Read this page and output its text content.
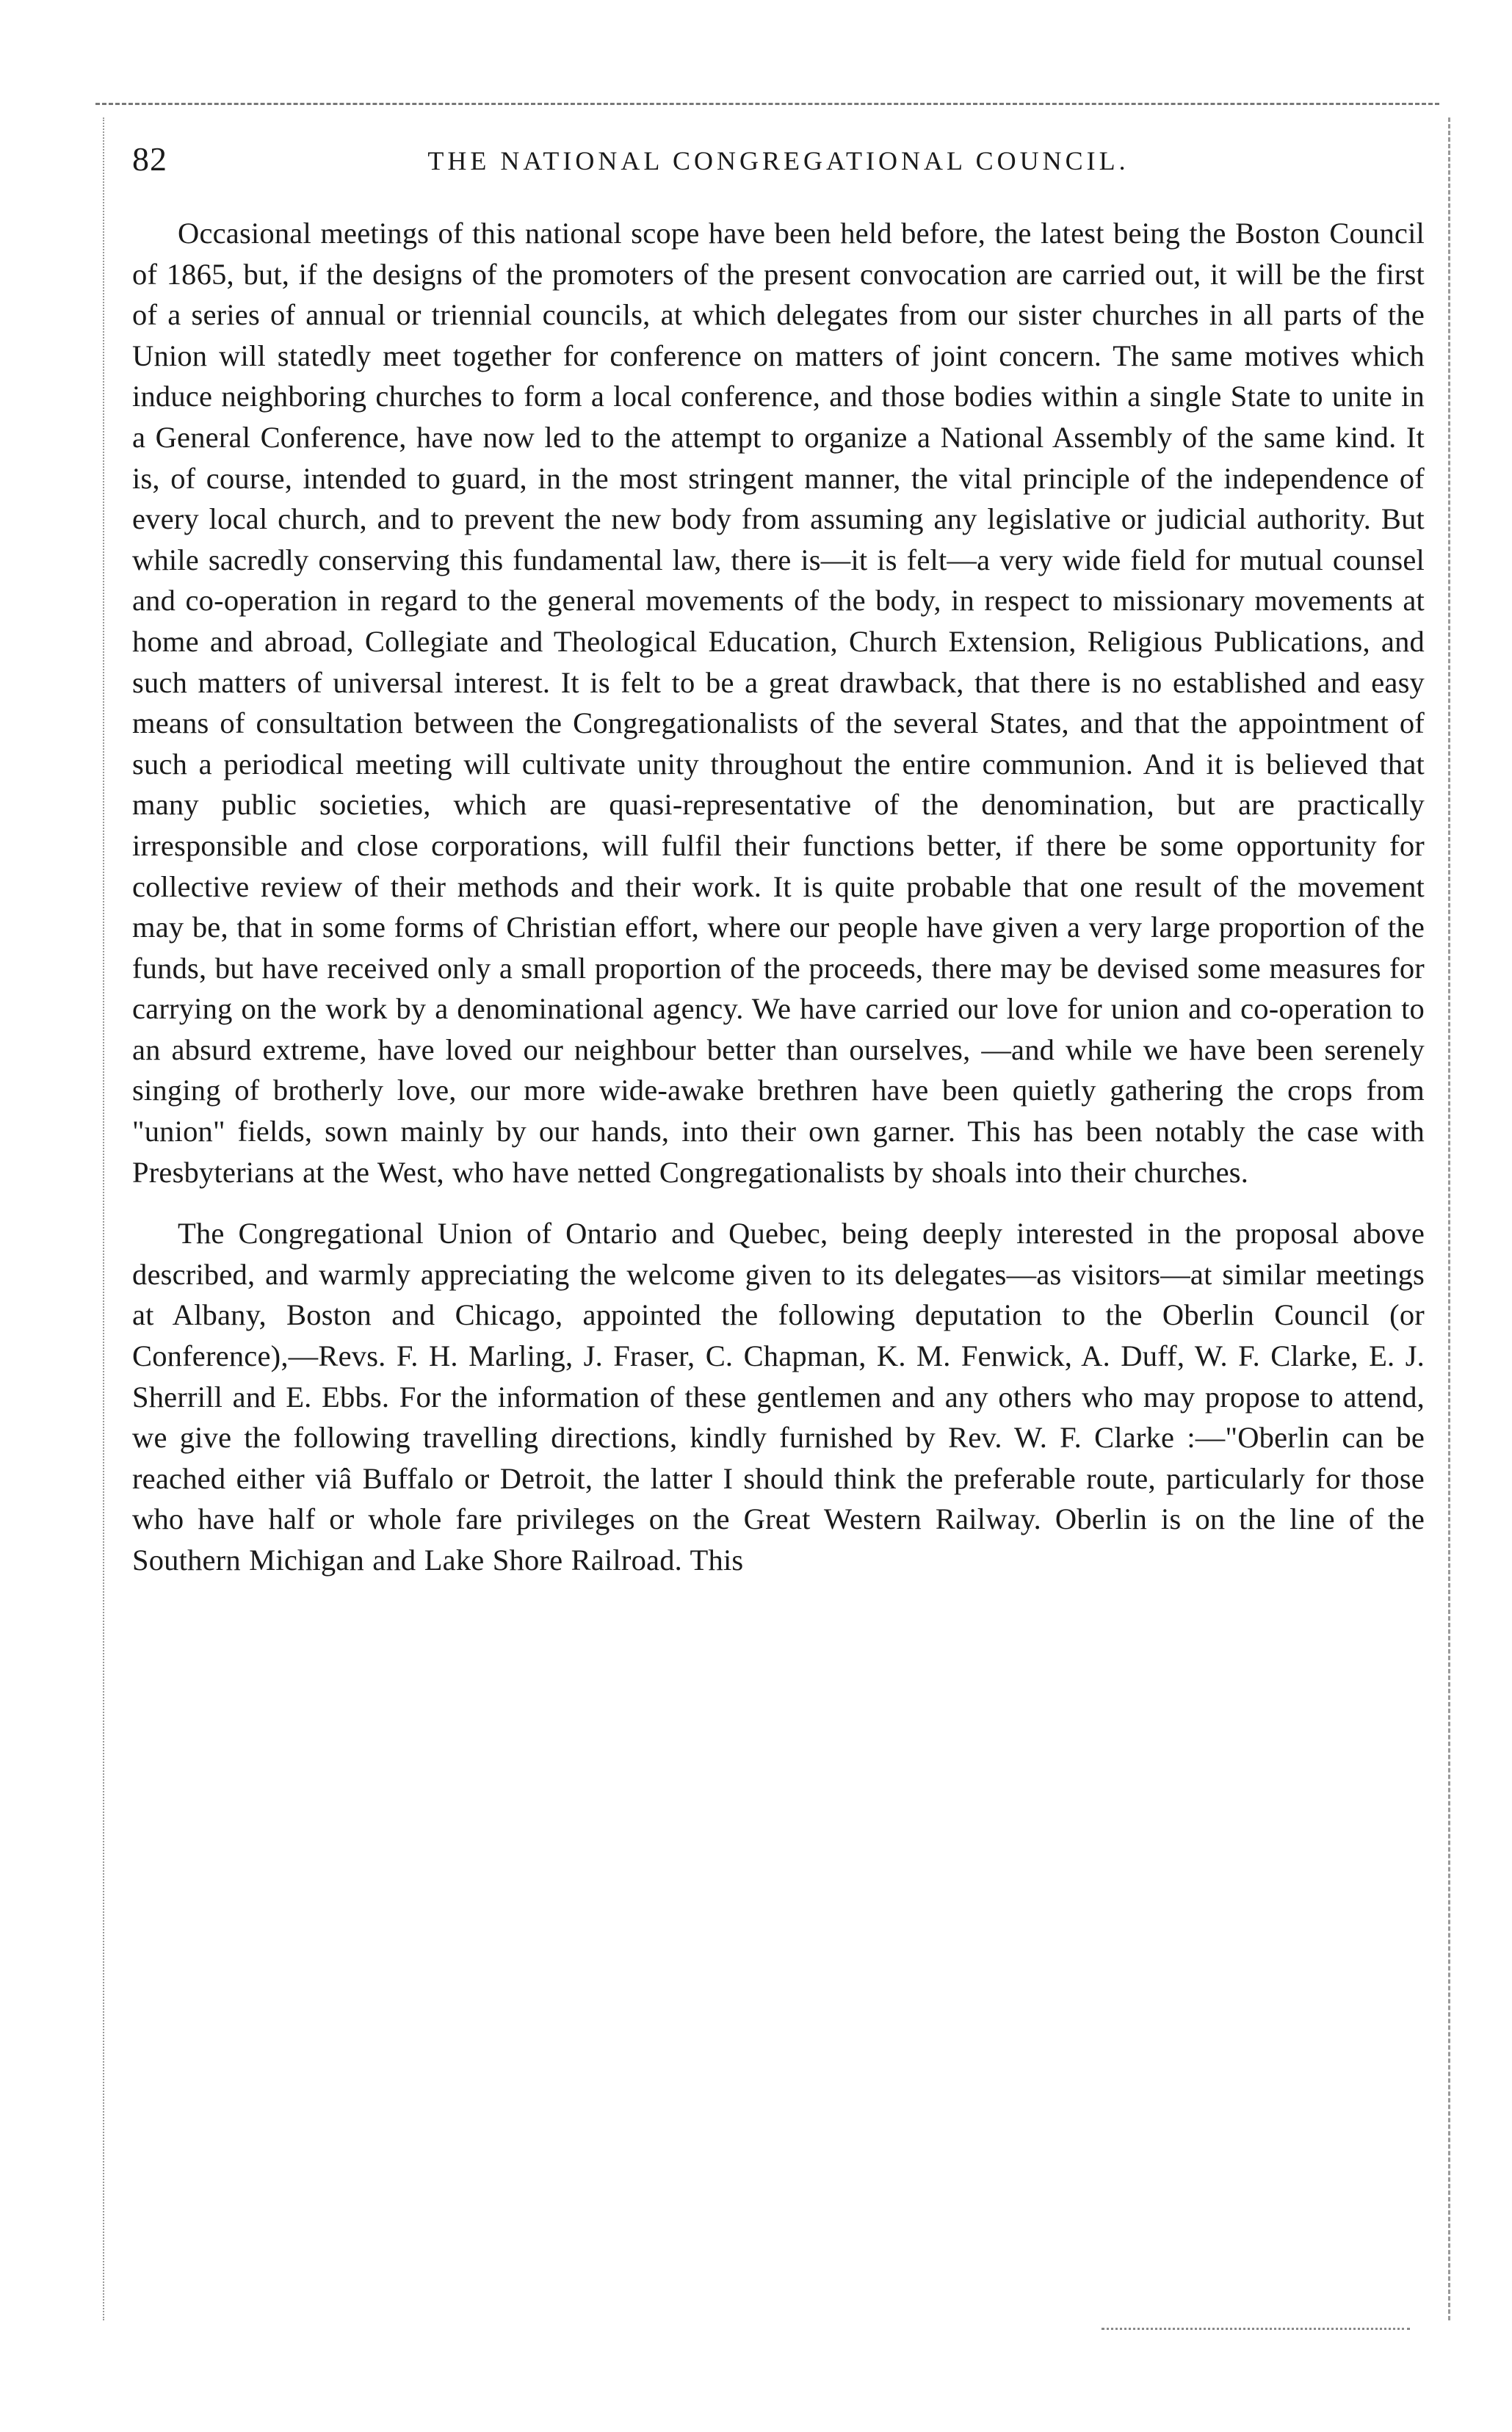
82	THE NATIONAL CONGREGATIONAL COUNCIL.

Occasional meetings of this national scope have been held before, the latest being the Boston Council of 1865, but, if the designs of the promoters of the present convocation are carried out, it will be the first of a series of annual or triennial councils, at which delegates from our sister churches in all parts of the Union will statedly meet together for conference on matters of joint concern. The same motives which induce neighboring churches to form a local conference, and those bodies within a single State to unite in a General Conference, have now led to the attempt to organize a National Assembly of the same kind. It is, of course, intended to guard, in the most stringent manner, the vital principle of the independence of every local church, and to prevent the new body from assuming any legislative or judicial authority. But while sacredly conserving this fundamental law, there is—it is felt—a very wide field for mutual counsel and co-operation in regard to the general movements of the body, in respect to missionary movements at home and abroad, Collegiate and Theological Education, Church Extension, Religious Publications, and such matters of universal interest. It is felt to be a great drawback, that there is no established and easy means of consultation between the Congregationalists of the several States, and that the appointment of such a periodical meeting will cultivate unity throughout the entire communion. And it is believed that many public societies, which are quasi-representative of the denomination, but are practically irresponsible and close corporations, will fulfil their functions better, if there be some opportunity for collective review of their methods and their work. It is quite probable that one result of the movement may be, that in some forms of Christian effort, where our people have given a very large proportion of the funds, but have received only a small proportion of the proceeds, there may be devised some measures for carrying on the work by a denominational agency. We have carried our love for union and co-operation to an absurd extreme, have loved our neighbour better than ourselves, —and while we have been serenely singing of brotherly love, our more wide-awake brethren have been quietly gathering the crops from "union" fields, sown mainly by our hands, into their own garner. This has been notably the case with Presbyterians at the West, who have netted Congregationalists by shoals into their churches.

The Congregational Union of Ontario and Quebec, being deeply interested in the proposal above described, and warmly appreciating the welcome given to its delegates—as visitors—at similar meetings at Albany, Boston and Chicago, appointed the following deputation to the Oberlin Council (or Conference),—Revs. F. H. Marling, J. Fraser, C. Chapman, K. M. Fenwick, A. Duff, W. F. Clarke, E. J. Sherrill and E. Ebbs. For the information of these gentlemen and any others who may propose to attend, we give the following travelling directions, kindly furnished by Rev. W. F. Clarke :—"Oberlin can be reached either viâ Buffalo or Detroit, the latter I should think the preferable route, particularly for those who have half or whole fare privileges on the Great Western Railway. Oberlin is on the line of the Southern Michigan and Lake Shore Railroad. This
